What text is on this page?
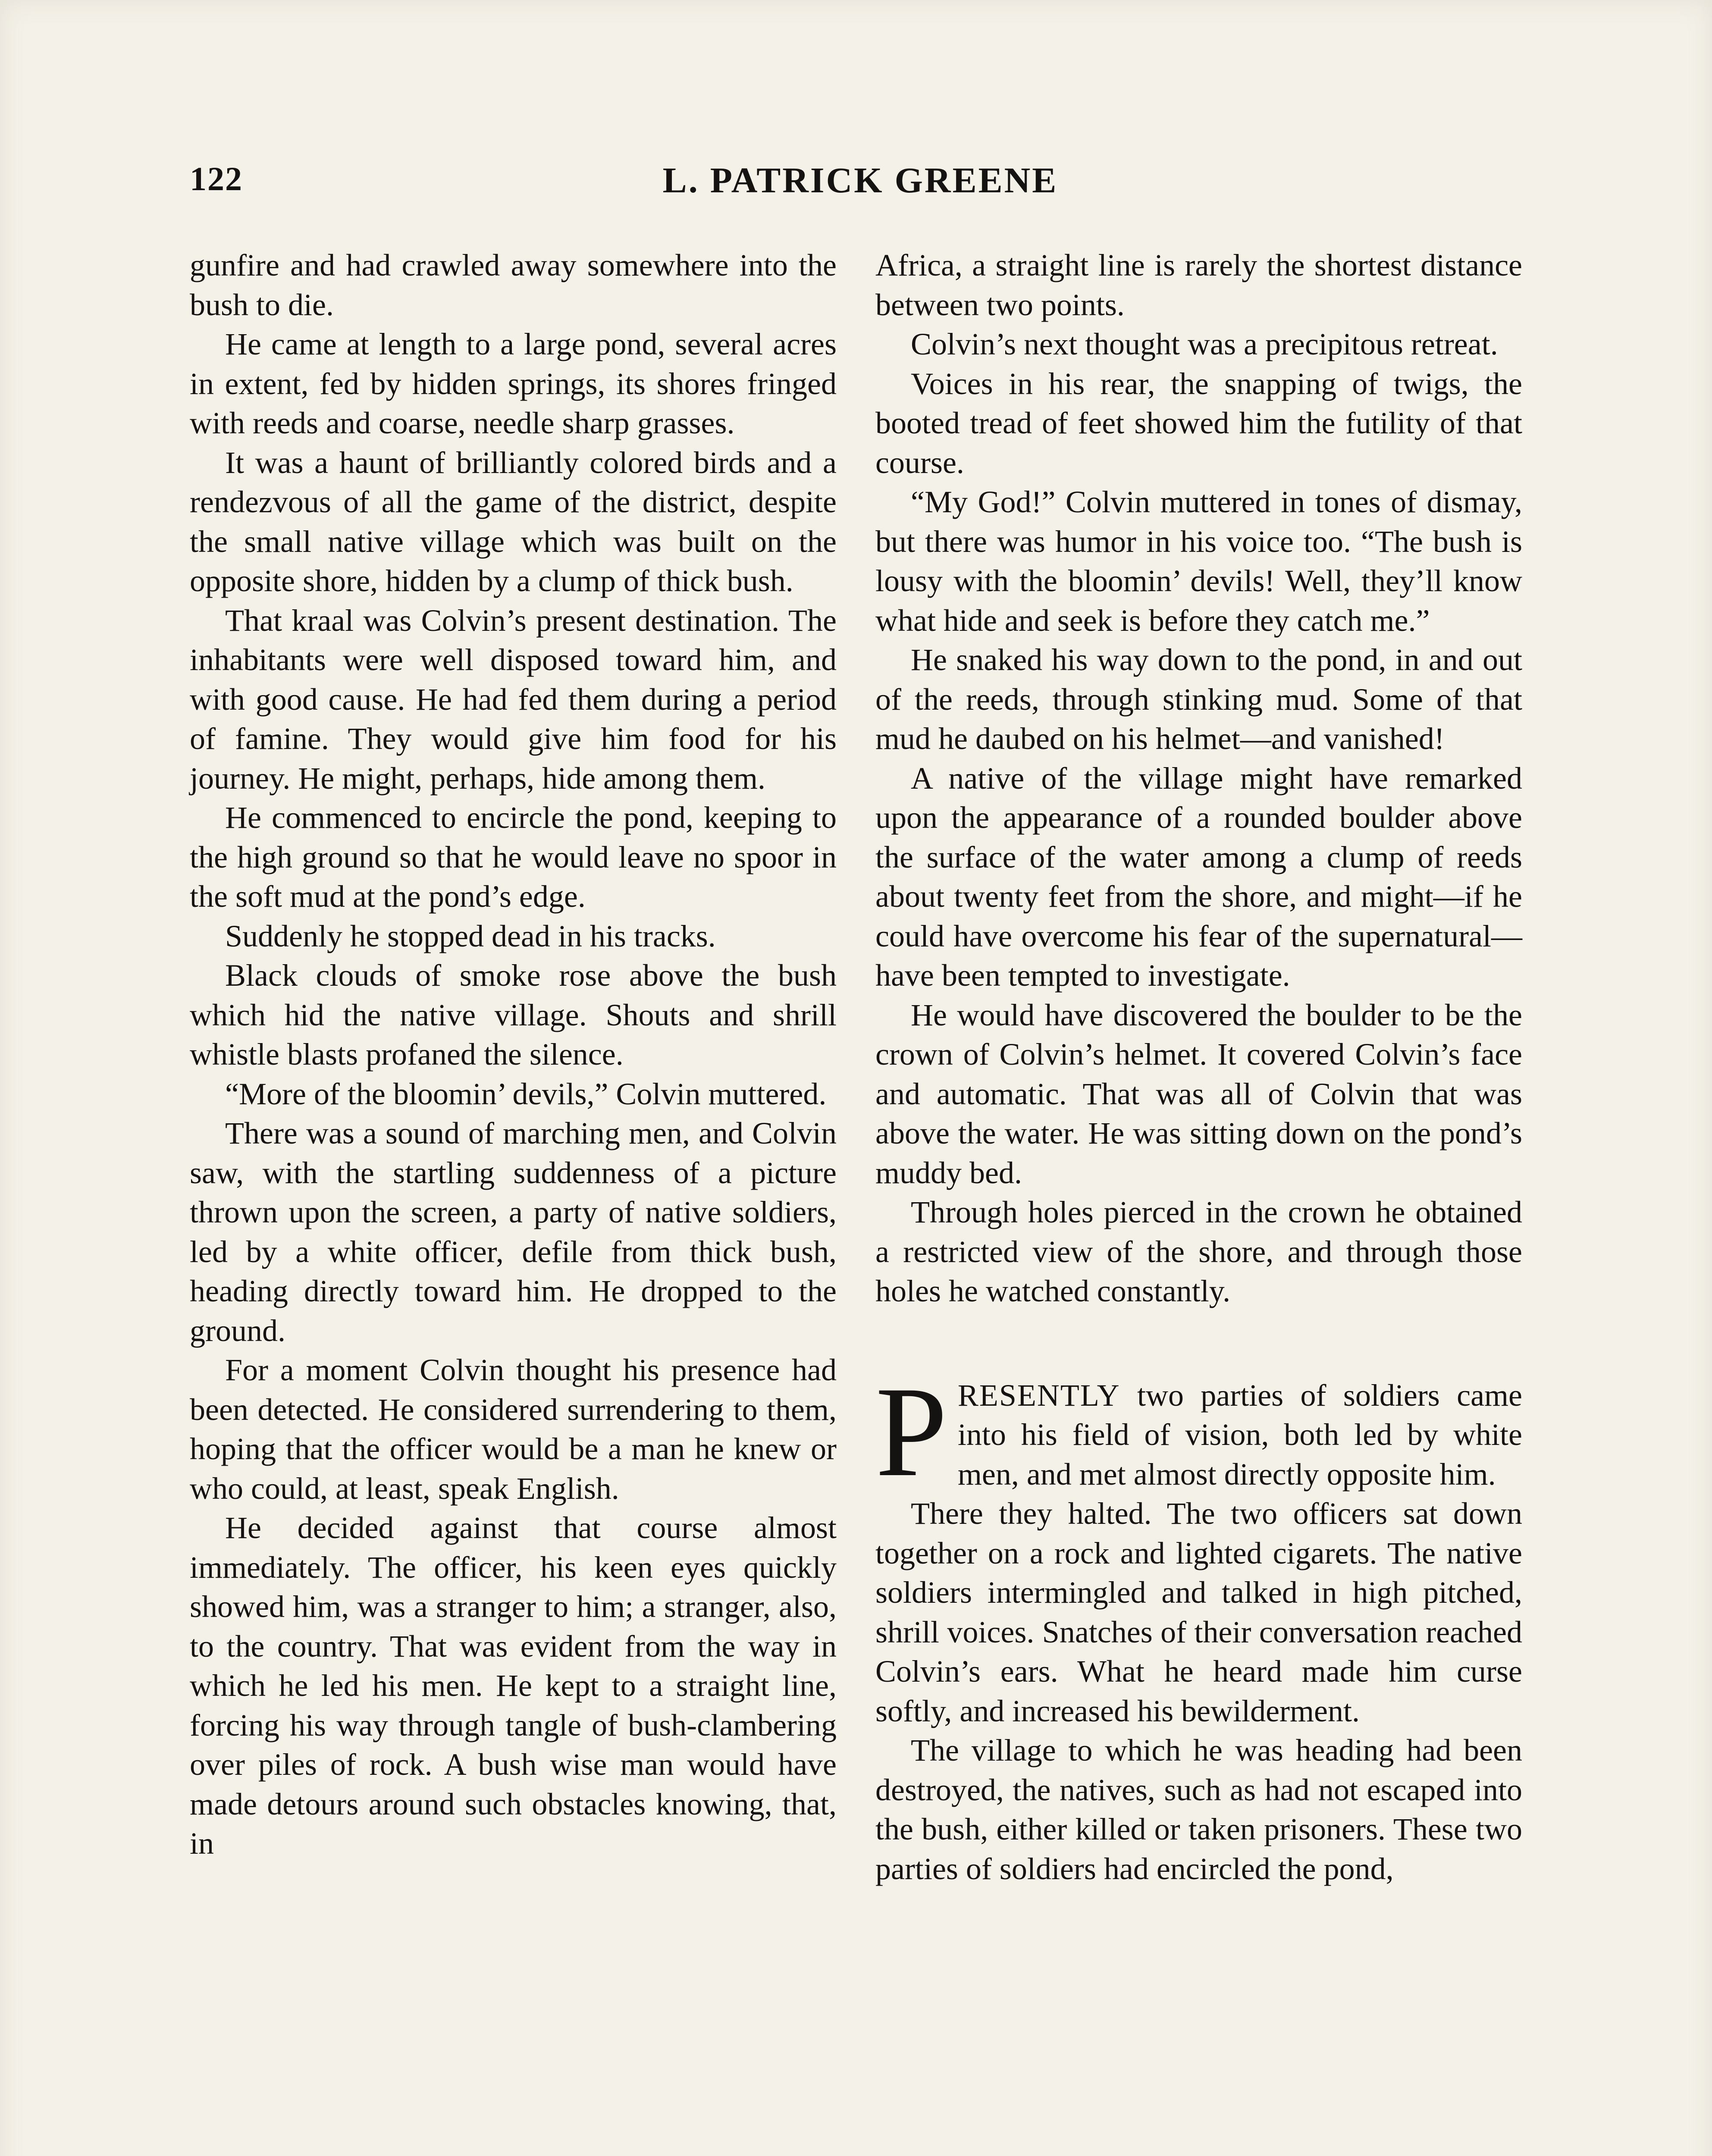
122	L. PATRICK GREENE

gunfire and had crawled away somewhere into the bush to die.

He came at length to a large pond, several acres in extent, fed by hidden springs, its shores fringed with reeds and coarse, needle sharp grasses.

It was a haunt of brilliantly colored birds and a rendezvous of all the game of the district, despite the small native village which was built on the opposite shore, hidden by a clump of thick bush.

That kraal was Colvin’s present destination. The inhabitants were well disposed toward him, and with good cause. He had fed them during a period of famine. They would give him food for his journey. He might, perhaps, hide among them.

He commenced to encircle the pond, keeping to the high ground so that he would leave no spoor in the soft mud at the pond’s edge.

Suddenly he stopped dead in his tracks.

Black clouds of smoke rose above the bush which hid the native village. Shouts and shrill whistle blasts profaned the silence.

“More of the bloomin’ devils,” Colvin muttered.

There was a sound of marching men, and Colvin saw, with the startling suddenness of a picture thrown upon the screen, a party of native soldiers, led by a white officer, defile from thick bush, heading directly toward him. He dropped to the ground.

For a moment Colvin thought his presence had been detected. He considered surrendering to them, hoping that the officer would be a man he knew or who could, at least, speak English.

He decided against that course almost immediately. The officer, his keen eyes quickly showed him, was a stranger to him; a stranger, also, to the country. That was evident from the way in which he led his men. He kept to a straight line, forcing his way through tangle of bush-clambering over piles of rock. A bush wise man would have made detours around such obstacles knowing, that, in

Africa, a straight line is rarely the shortest distance between two points.

Colvin’s next thought was a precipitous retreat.

Voices in his rear, the snapping of twigs, the booted tread of feet showed him the futility of that course.

“My God!” Colvin muttered in tones of dismay, but there was humor in his voice too. “The bush is lousy with the bloomin’ devils! Well, they’ll know what hide and seek is before they catch me.”

He snaked his way down to the pond, in and out of the reeds, through stinking mud. Some of that mud he daubed on his helmet—and vanished!

A native of the village might have remarked upon the appearance of a rounded boulder above the surface of the water among a clump of reeds about twenty feet from the shore, and might—if he could have overcome his fear of the supernatural—have been tempted to investigate.

He would have discovered the boulder to be the crown of Colvin’s helmet. It covered Colvin’s face and automatic. That was all of Colvin that was above the water. He was sitting down on the pond’s muddy bed.

Through holes pierced in the crown he obtained a restricted view of the shore, and through those holes he watched constantly.

PRESENTLY two parties of soldiers came into his field of vision, both led by white men, and met almost directly opposite him.

There they halted. The two officers sat down together on a rock and lighted cigarets. The native soldiers intermingled and talked in high pitched, shrill voices. Snatches of their conversation reached Colvin’s ears. What he heard made him curse softly, and increased his bewilderment.

The village to which he was heading had been destroyed, the natives, such as had not escaped into the bush, either killed or taken prisoners. These two parties of soldiers had encircled the pond,
